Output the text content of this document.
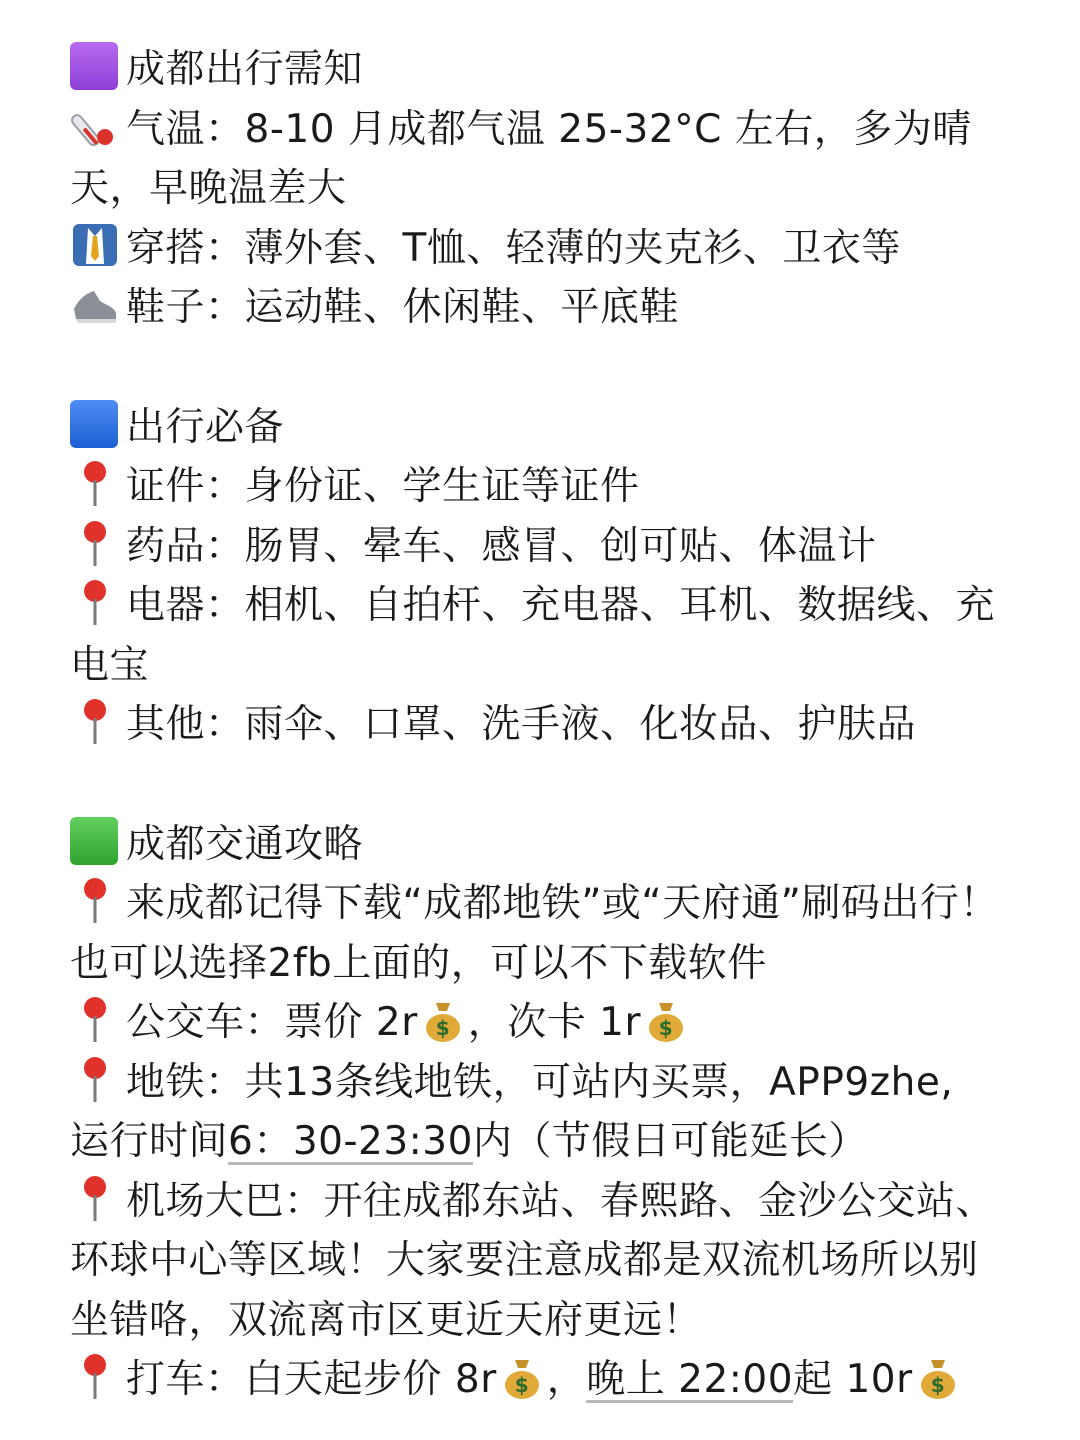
成都出行需知
气温：8-10 月成都气温 25-32°C 左右，多为晴天，早晚温差大
穿搭：薄外套、T恤、轻薄的夹克衫、卫衣等
鞋子：运动鞋、休闲鞋、平底鞋
出行必备
证件：身份证、学生证等证件
药品：肠胃、晕车、感冒、创可贴、体温计
电器：相机、自拍杆、充电器、耳机、数据线、充电宝
其他：雨伞、口罩、洗手液、化妆品、护肤品
成都交通攻略
来成都记得下载“成都地铁”或“天府通”刷码出行！也可以选择2fb上面的，可以不下载软件
公交车：票价 2r $ ，次卡 1r $
地铁：共13条线地铁，可站内买票，APP9zhe,
运行时间6：30-23:30内（节假日可能延长）
机场大巴：开往成都东站、春熙路、金沙公交站、环球中心等区域！大家要注意成都是双流机场所以别坐错咯，双流离市区更近天府更远！
打车：白天起步价 8r $ ，晚上 22:00起 10r $
